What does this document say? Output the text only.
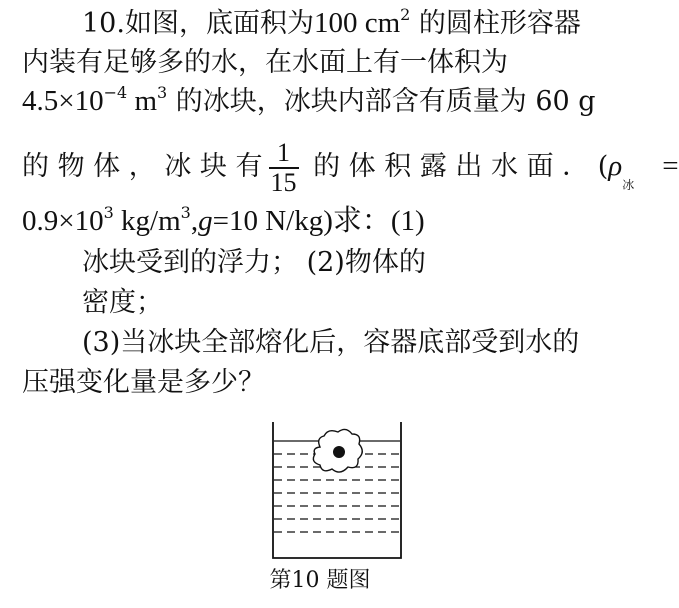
10.如图，底面积为100 $cm^2$ 的圆柱形容器
内装有足够多的水，在水面上有一体积为
$4.5\times 10^{-4}$ $m^3$ 的冰块，冰块内部含有质量为 60 g
的 物 体 ， 冰 块 有 $\frac{1}{15}$ 的 体 积 露 出 水 面 ． ($\rho_冰=$
$0.9\times 10^3$ $kg/m^3,g=10$ N/kg)求：(1)
冰块受到的浮力； (2)物体的
密度；
(3)当冰块全部熔化后，容器底部受到水的
压强变化量是多少？
第10 题图
